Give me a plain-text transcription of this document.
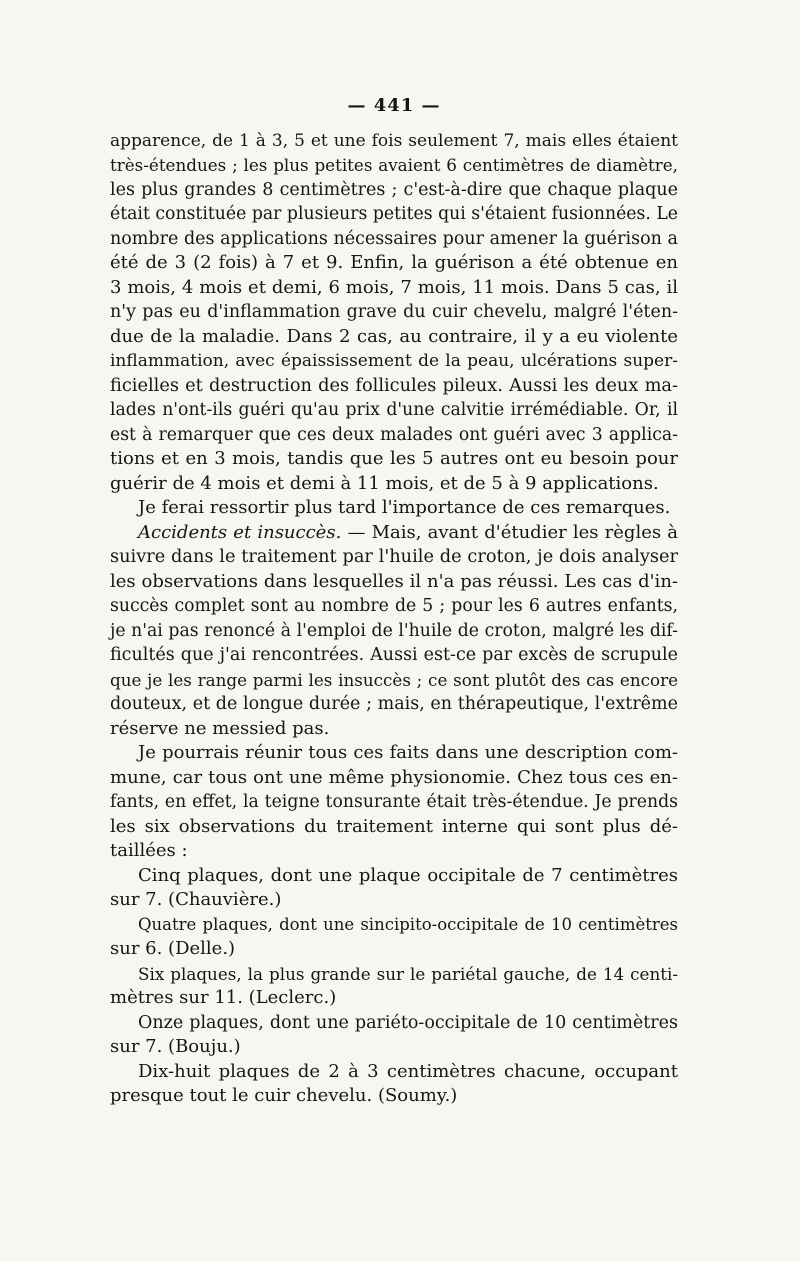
— 441 —

apparence, de 1 à 3, 5 et une fois seulement 7, mais elles étaient
très-étendues ; les plus petites avaient 6 centimètres de diamètre,
les plus grandes 8 centimètres ; c'est-à-dire que chaque plaque
était constituée par plusieurs petites qui s'étaient fusionnées. Le
nombre des applications nécessaires pour amener la guérison a
été de 3 (2 fois) à 7 et 9. Enfin, la guérison a été obtenue en
3 mois, 4 mois et demi, 6 mois, 7 mois, 11 mois. Dans 5 cas, il
n'y pas eu d'inflammation grave du cuir chevelu, malgré l'éten-
due de la maladie. Dans 2 cas, au contraire, il y a eu violente
inflammation, avec épaississement de la peau, ulcérations super-
ficielles et destruction des follicules pileux. Aussi les deux ma-
lades n'ont-ils guéri qu'au prix d'une calvitie irrémédiable. Or, il
est à remarquer que ces deux malades ont guéri avec 3 applica-
tions et en 3 mois, tandis que les 5 autres ont eu besoin pour
guérir de 4 mois et demi à 11 mois, et de 5 à 9 applications.

Je ferai ressortir plus tard l'importance de ces remarques.

Accidents et insuccès. — Mais, avant d'étudier les règles à
suivre dans le traitement par l'huile de croton, je dois analyser
les observations dans lesquelles il n'a pas réussi. Les cas d'in-
succès complet sont au nombre de 5 ; pour les 6 autres enfants,
je n'ai pas renoncé à l'emploi de l'huile de croton, malgré les dif-
ficultés que j'ai rencontrées. Aussi est-ce par excès de scrupule
que je les range parmi les insuccès ; ce sont plutôt des cas encore
douteux, et de longue durée ; mais, en thérapeutique, l'extrême
réserve ne messied pas.

Je pourrais réunir tous ces faits dans une description com-
mune, car tous ont une même physionomie. Chez tous ces en-
fants, en effet, la teigne tonsurante était très-étendue. Je prends
les six observations du traitement interne qui sont plus dé-
taillées :

Cinq plaques, dont une plaque occipitale de 7 centimètres
sur 7. (Chauvière.)

Quatre plaques, dont une sincipito-occipitale de 10 centimètres
sur 6. (Delle.)

Six plaques, la plus grande sur le pariétal gauche, de 14 centi-
mètres sur 11. (Leclerc.)

Onze plaques, dont une pariéto-occipitale de 10 centimètres
sur 7. (Bouju.)

Dix-huit plaques de 2 à 3 centimètres chacune, occupant
presque tout le cuir chevelu. (Soumy.)
